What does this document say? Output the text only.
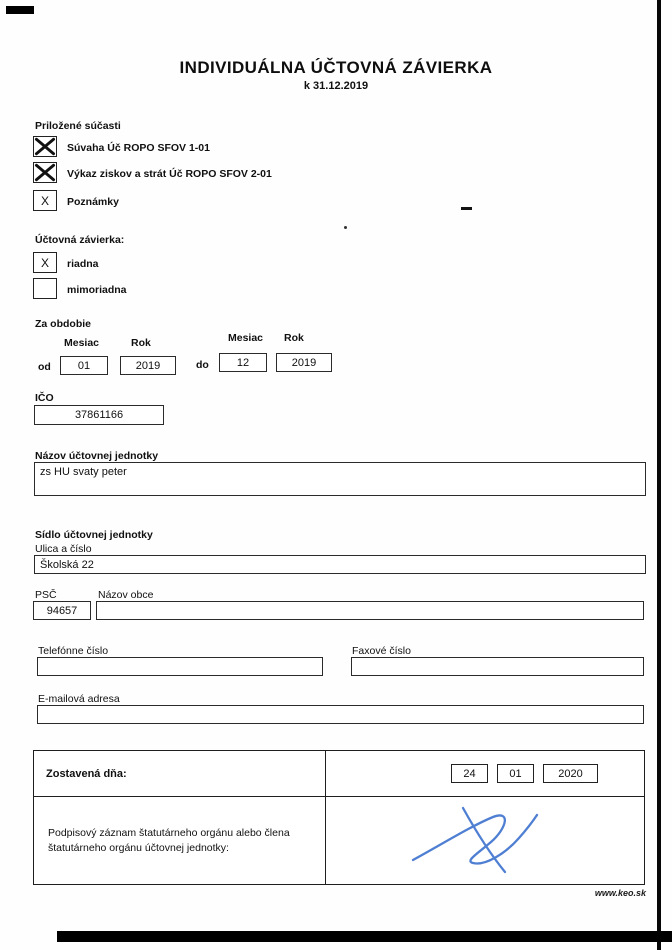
INDIVIDUÁLNA ÚČTOVNÁ ZÁVIERKA
k 31.12.2019
Priložené súčasti
Súvaha Úč ROPO SFOV 1-01
Výkaz ziskov a strát Úč ROPO SFOV 2-01
X Poznámky
Účtovná závierka:
X riadna
mimoriadna
Za obdobie
Mesiac	Rok	Mesiac Rok
od 01	2019	do	12	2019
IČO
37861166
Názov účtovnej jednotky
zs HU svaty peter
Sídlo účtovnej jednotky
Ulica a číslo
Školská 22
PSČ	Názov obce
94657
Telefónne číslo	Faxové číslo
E-mailová adresa
Zostavená dňa:	24	01	2020
Podpisový záznam štatutárneho orgánu alebo člena štatutárneho orgánu účtovnej jednotky:
www.keo.sk
